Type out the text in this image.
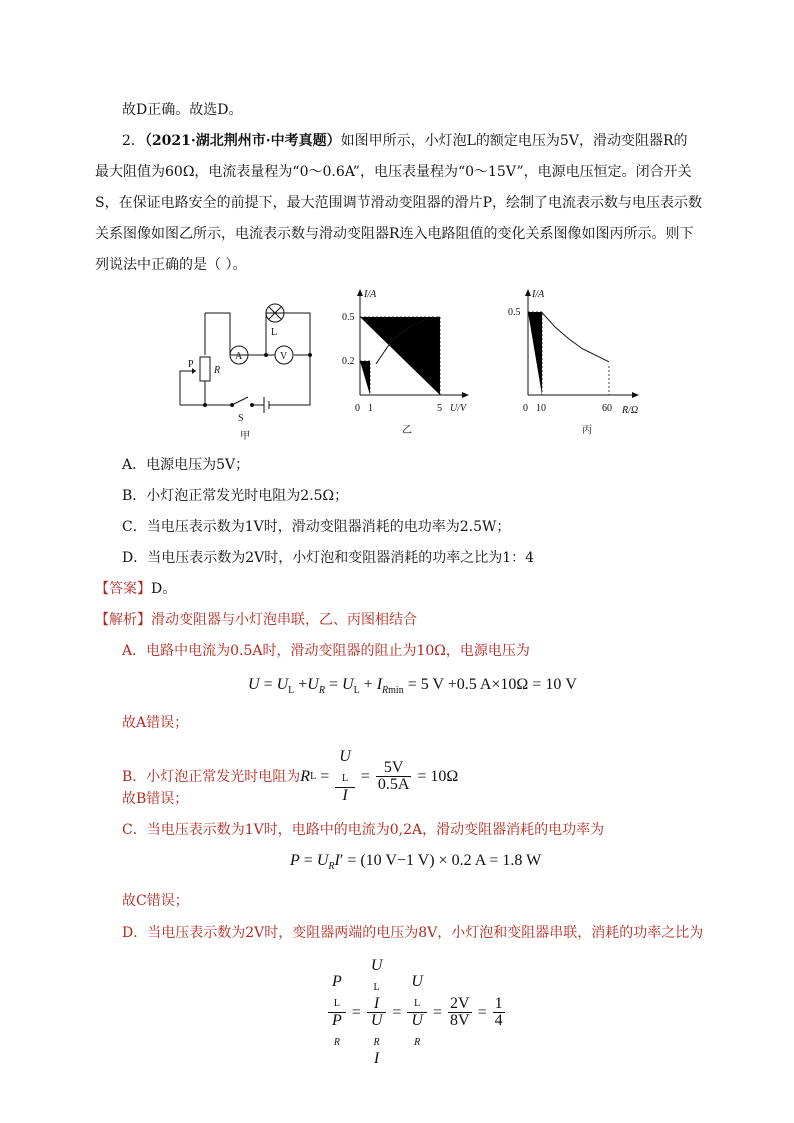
故D正确。故选D。
2．（2021·湖北荆州市·中考真题）如图甲所示，小灯泡L的额定电压为5V，滑动变阻器R的
最大阻值为60Ω，电流表量程为“0～0.6A”，电压表量程为“0～15V”，电源电压恒定。闭合开关
S，在保证电路安全的前提下，最大范围调节滑动变阻器的滑片P，绘制了电流表示数与电压表示数
关系图像如图乙所示，电流表示数与滑动变阻器R连入电路阻值的变化关系图像如图丙所示。则下
列说法中正确的是（ ）。
L
A	V
P
R
S
甲
I/A
U/V
0.5
0.2
0 1	5
乙
I/A
R/Ω
0.5
0 10	60
丙
A．电源电压为5V；
B．小灯泡正常发光时电阻为2.5Ω；
C．当电压表示数为1V时，滑动变阻器消耗的电功率为2.5W；
D．当电压表示数为2V时，小灯泡和变阻器消耗的功率之比为1：4
【答案】D。
【解析】滑动变阻器与小灯泡串联，乙、丙图相结合
A．电路中电流为0.5A时，滑动变阻器的阻止为10Ω，电源电压为
$U = U_L +U_R = U_L + I_{Rmin} = 5$ V +0.5 A×10Ω = 10 V
故A错误；
B．小灯泡正常发光时电阻为 R L = U
$_L$
$I = \frac{5V}{0.5A}$
= 10Ω
故B错误；
C．当电压表示数为1V时，电路中的电流为0,2A，滑动变阻器消耗的电功率为
$P = U_RI' = (10$ V−1 V) × 0.2 A = 1.8 W
故C错误；
D．当电压表示数为2V时，变阻器两端的电压为8V，小灯泡和变阻器串联，消耗的功率之比为
P
$_L$
P
$_R$ = U
$_L$
I
U
$_R$
I = U
$_L$
U
$_R = \frac{2V}{8V} = \frac{1}{4}$
